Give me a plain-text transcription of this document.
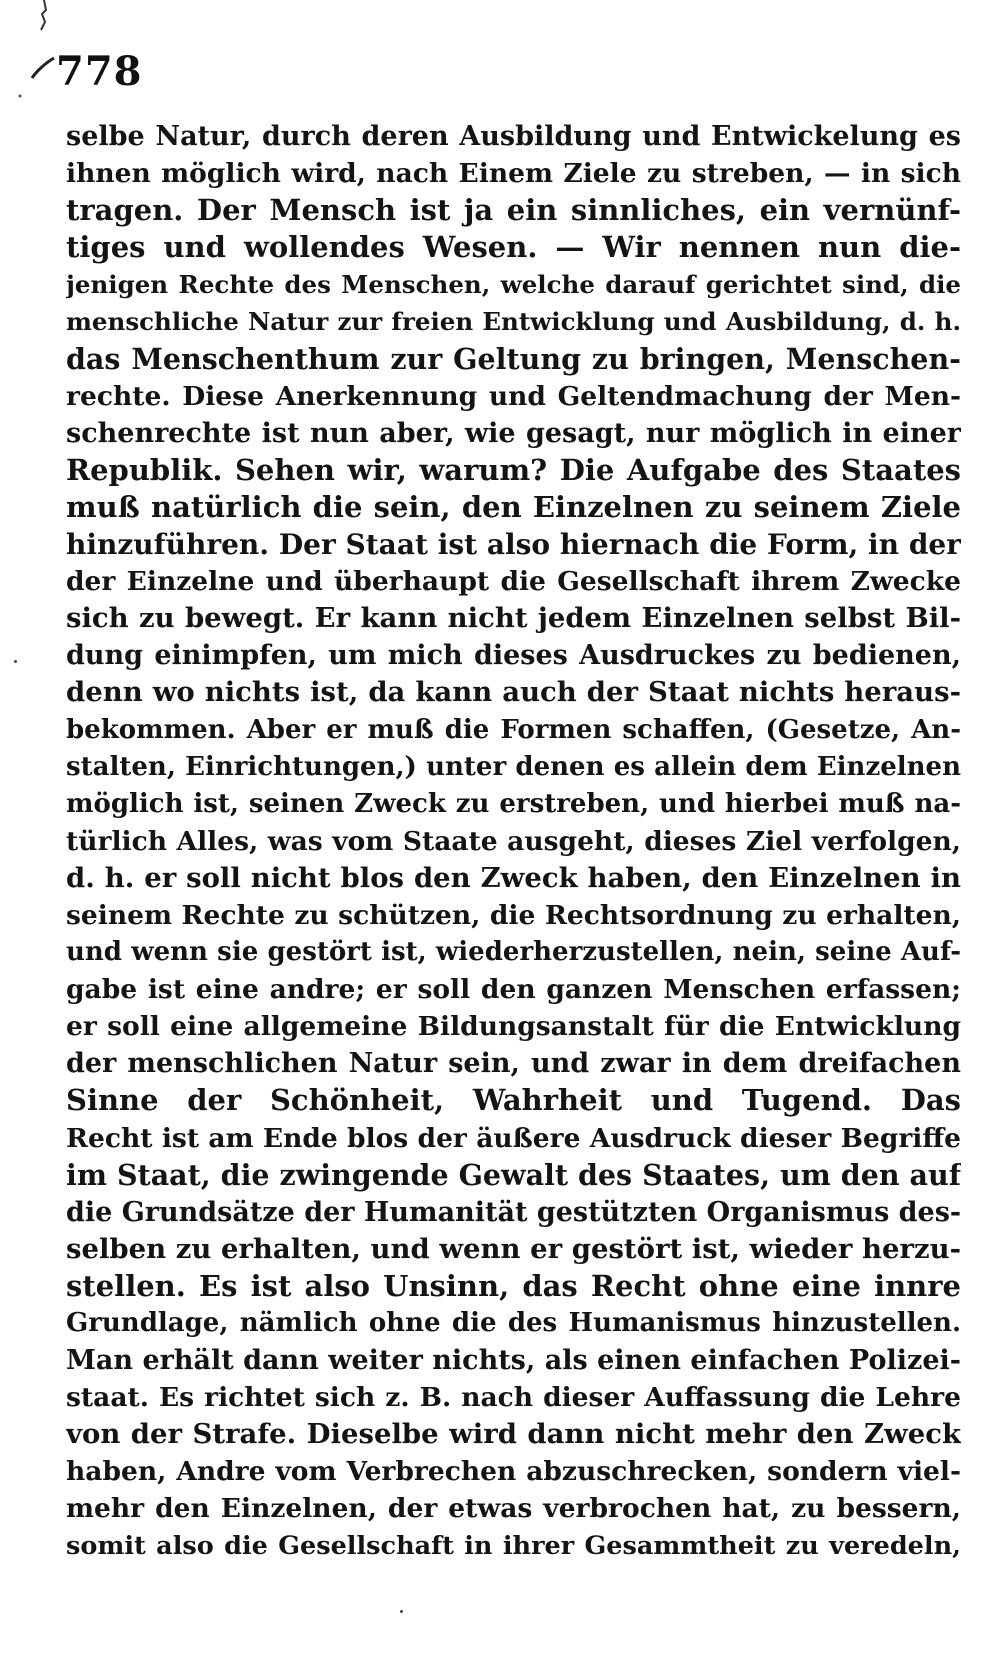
778
selbe Natur, durch deren Ausbildung und Entwickelung es
ihnen möglich wird, nach Einem Ziele zu streben, — in sich
tragen. Der Mensch ist ja ein sinnliches, ein vernünf-
tiges und wollendes Wesen. — Wir nennen nun die-
jenigen Rechte des Menschen, welche darauf gerichtet sind, die
menschliche Natur zur freien Entwicklung und Ausbildung, d. h.
das Menschenthum zur Geltung zu bringen, Menschen-
rechte. Diese Anerkennung und Geltendmachung der Men-
schenrechte ist nun aber, wie gesagt, nur möglich in einer
Republik. Sehen wir, warum? Die Aufgabe des Staates
muß natürlich die sein, den Einzelnen zu seinem Ziele
hinzuführen. Der Staat ist also hiernach die Form, in der
der Einzelne und überhaupt die Gesellschaft ihrem Zwecke
sich zu bewegt. Er kann nicht jedem Einzelnen selbst Bil-
dung einimpfen, um mich dieses Ausdruckes zu bedienen,
denn wo nichts ist, da kann auch der Staat nichts heraus-
bekommen. Aber er muß die Formen schaffen, (Gesetze, An-
stalten, Einrichtungen,) unter denen es allein dem Einzelnen
möglich ist, seinen Zweck zu erstreben, und hierbei muß na-
türlich Alles, was vom Staate ausgeht, dieses Ziel verfolgen,
d. h. er soll nicht blos den Zweck haben, den Einzelnen in
seinem Rechte zu schützen, die Rechtsordnung zu erhalten,
und wenn sie gestört ist, wiederherzustellen, nein, seine Auf-
gabe ist eine andre; er soll den ganzen Menschen erfassen;
er soll eine allgemeine Bildungsanstalt für die Entwicklung
der menschlichen Natur sein, und zwar in dem dreifachen
Sinne der Schönheit, Wahrheit und Tugend. Das
Recht ist am Ende blos der äußere Ausdruck dieser Begriffe
im Staat, die zwingende Gewalt des Staates, um den auf
die Grundsätze der Humanität gestützten Organismus des-
selben zu erhalten, und wenn er gestört ist, wieder herzu-
stellen. Es ist also Unsinn, das Recht ohne eine innre
Grundlage, nämlich ohne die des Humanismus hinzustellen.
Man erhält dann weiter nichts, als einen einfachen Polizei-
staat. Es richtet sich z. B. nach dieser Auffassung die Lehre
von der Strafe. Dieselbe wird dann nicht mehr den Zweck
haben, Andre vom Verbrechen abzuschrecken, sondern viel-
mehr den Einzelnen, der etwas verbrochen hat, zu bessern,
somit also die Gesellschaft in ihrer Gesammtheit zu veredeln,
